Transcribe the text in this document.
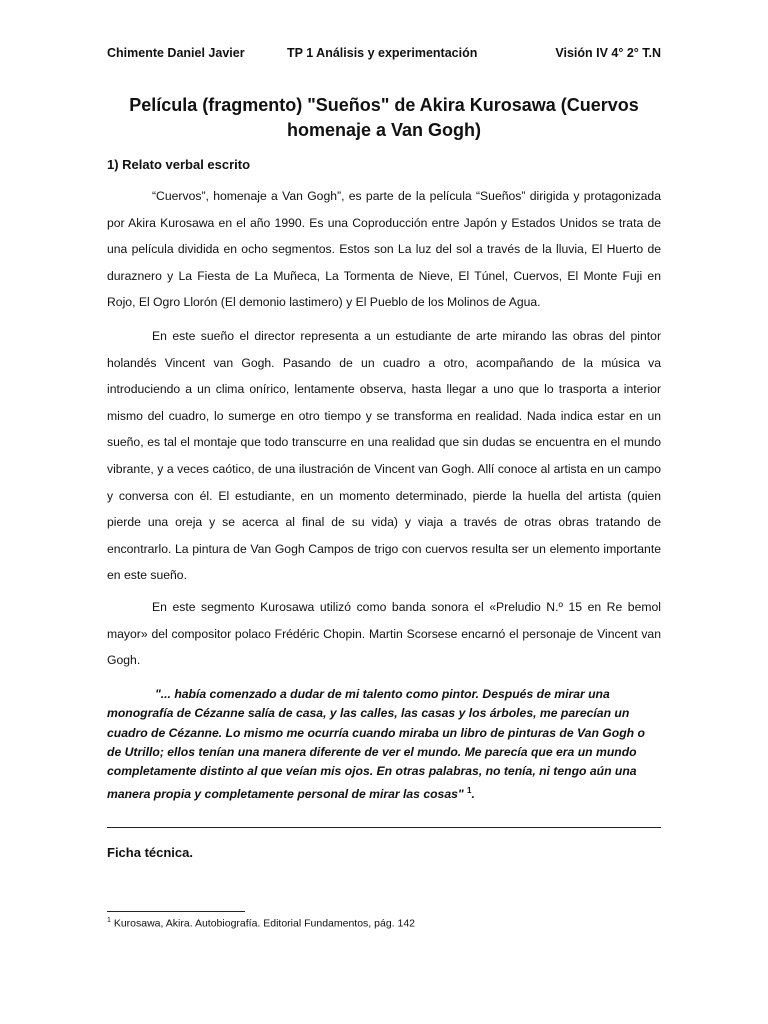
Chimente Daniel Javier	TP 1 Análisis y experimentación	Visión IV 4° 2° T.N
Película (fragmento) "Sueños" de Akira Kurosawa (Cuervos homenaje a Van Gogh)
1) Relato verbal escrito

“Cuervos”, homenaje a Van Gogh”, es parte de la película “Sueños” dirigida y protagonizada por Akira Kurosawa en el año 1990. Es una Coproducción entre Japón y Estados Unidos se trata de una película dividida en ocho segmentos. Estos son La luz del sol a través de la lluvia, El Huerto de duraznero y La Fiesta de La Muñeca, La Tormenta de Nieve, El Túnel, Cuervos, El Monte Fuji en Rojo, El Ogro Llorón (El demonio lastimero) y El Pueblo de los Molinos de Agua.

En este sueño el director representa a un estudiante de arte mirando las obras del pintor holandés Vincent van Gogh. Pasando de un cuadro a otro, acompañando de la música va introduciendo a un clima onírico, lentamente observa, hasta llegar a uno que lo trasporta a interior mismo del cuadro, lo sumerge en otro tiempo y se transforma en realidad. Nada indica estar en un sueño, es tal el montaje que todo transcurre en una realidad que sin dudas se encuentra en el mundo vibrante, y a veces caótico, de una ilustración de Vincent van Gogh. Allí conoce al artista en un campo y conversa con él. El estudiante, en un momento determinado, pierde la huella del artista (quien pierde una oreja y se acerca al final de su vida) y viaja a través de otras obras tratando de encontrarlo. La pintura de Van Gogh Campos de trigo con cuervos resulta ser un elemento importante en este sueño.

En este segmento Kurosawa utilizó como banda sonora el «Preludio N.º 15 en Re bemol mayor» del compositor polaco Frédéric Chopin. Martin Scorsese encarnó el personaje de Vincent van Gogh.

"... había comenzado a dudar de mi talento como pintor. Después de mirar una monografía de Cézanne salía de casa, y las calles, las casas y los árboles, me parecían un cuadro de Cézanne. Lo mismo me ocurría cuando miraba un libro de pinturas de Van Gogh o de Utrillo; ellos tenían una manera diferente de ver el mundo. Me parecía que era un mundo completamente distinto al que veían mis ojos. En otras palabras, no tenía, ni tengo aún una manera propia y completamente personal de mirar las cosas" $^1$.

Ficha técnica.
$^1$ Kurosawa, Akira. Autobiografía. Editorial Fundamentos, pág. 142
